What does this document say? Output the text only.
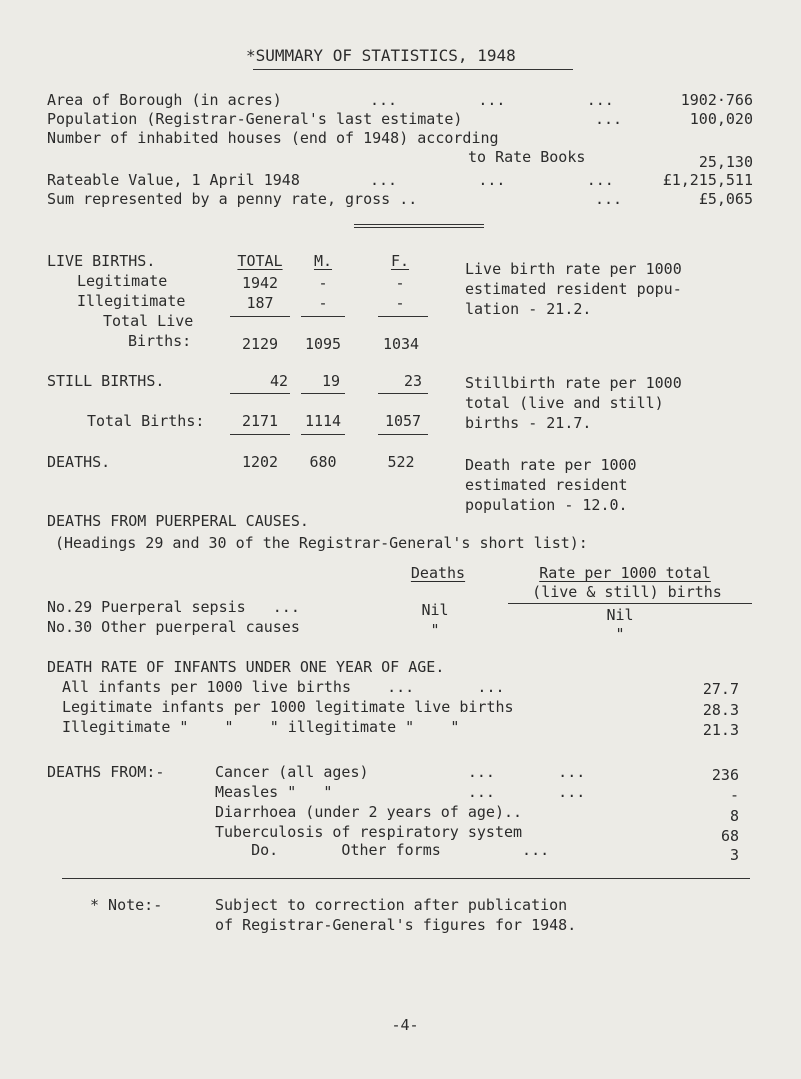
*SUMMARY OF STATISTICS, 1948
Area of Borough (in acres)	...         ...         ...	1902·766
Population (Registrar-General's last estimate)	...	100,020
Number of inhabited houses (end of 1948) according
to Rate Books	25,130
Rateable Value, 1 April 1948	...         ...         ...	£1,215,511
Sum represented by a penny rate, gross ..	...	£5,065
LIVE BIRTHS.	TOTAL	M.	F.	Live birth rate per 1000
estimated resident popu-
lation - 21.2.
Legitimate	1942	-	-
Illegitimate	187	-	-
Total Live
Births:	2129	1095	1034
STILL BIRTHS.	42	19	23	Stillbirth rate per 1000
total (live and still)
births - 21.7.
Total Births:	2171	1114	1057
DEATHS.	1202	680	522	Death rate per 1000
estimated resident
population - 12.0.
DEATHS FROM PUERPERAL CAUSES.
(Headings 29 and 30 of the Registrar-General's short list):
Deaths	Rate per 1000 total
(live & still) births
No.29 Puerperal sepsis   ...	Nil	Nil
No.30 Other puerperal causes	"	"
DEATH RATE OF INFANTS UNDER ONE YEAR OF AGE.
All infants per 1000 live births    ...       ...	27.7
Legitimate infants per 1000 legitimate live births	28.3
Illegitimate "    "    " illegitimate "    "	21.3
DEATHS FROM:-	Cancer (all ages)           ...       ...	236
Measles "   "               ...       ...	-
Diarrhoea (under 2 years of age)..	8
Tuberculosis of respiratory system	68
Do.       Other forms         ...	3
* Note:-	Subject to correction after publication
of Registrar-General's figures for 1948.
-4-
